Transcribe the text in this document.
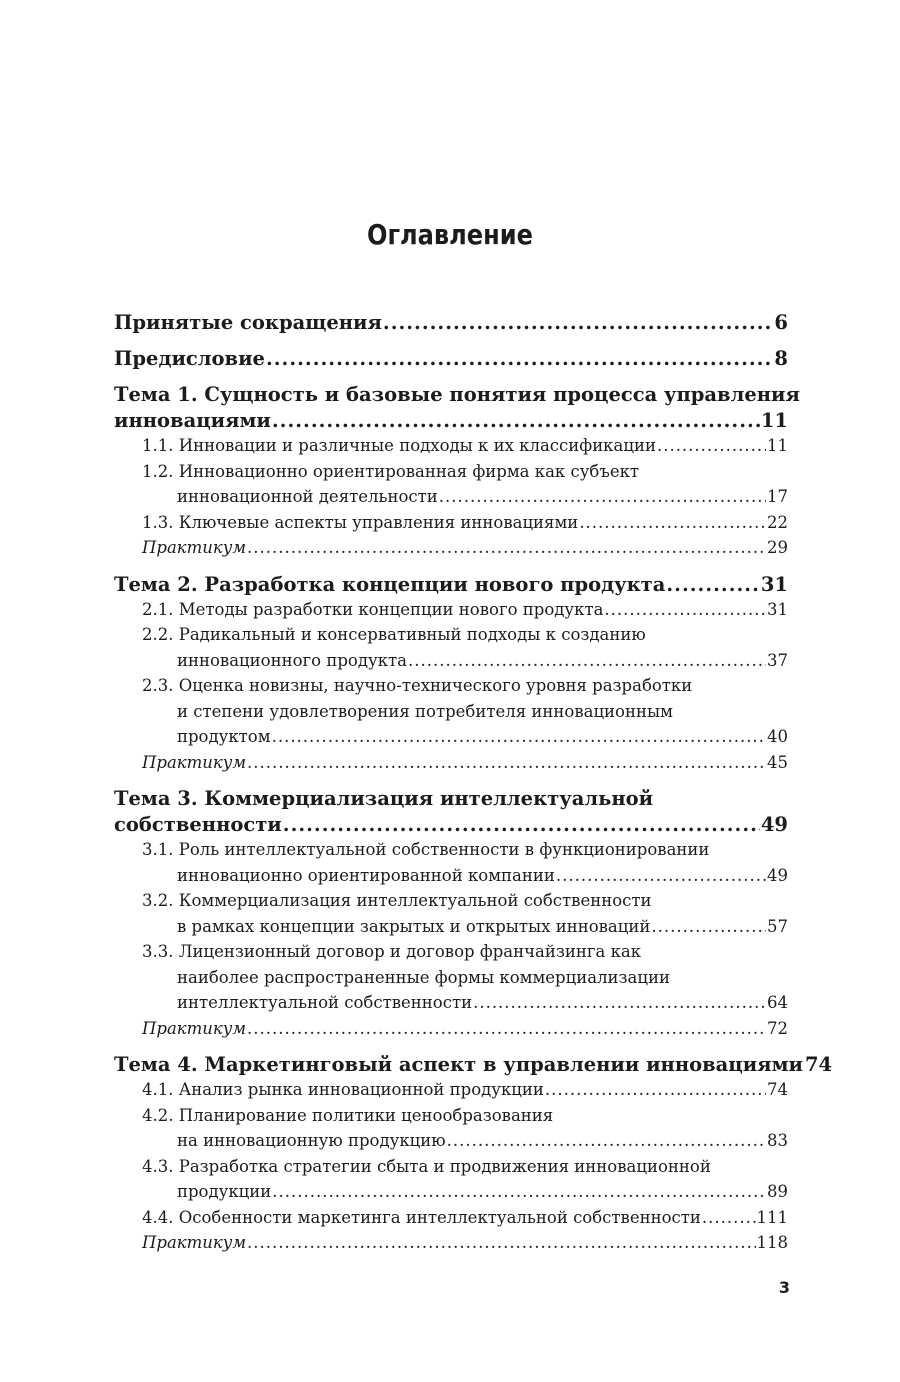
Оглавление
Принятые сокращения .....	6
Предисловие .....	8
Тема 1. Сущность и базовые понятия процесса управления
инновациями .....	11
1.1. Инновации и различные подходы к их классификации .....	11
1.2. Инновационно ориентированная фирма как субъект
инновационной деятельности .....	17
1.3. Ключевые аспекты управления инновациями .....	22
Практикум .....	29
Тема 2. Разработка концепции нового продукта .....	31
2.1. Методы разработки концепции нового продукта .....	31
2.2. Радикальный и консервативный подходы к созданию
инновационного продукта .....	37
2.3. Оценка новизны, научно-технического уровня разработки
и степени удовлетворения потребителя инновационным
продуктом .....	40
Практикум .....	45
Тема 3. Коммерциализация интеллектуальной
собственности .....	49
3.1. Роль интеллектуальной собственности в функционировании
инновационно ориентированной компании .....	49
3.2. Коммерциализация интеллектуальной собственности
в рамках концепции закрытых и открытых инноваций .....	57
3.3. Лицензионный договор и договор франчайзинга как
наиболее распространенные формы коммерциализации
интеллектуальной собственности .....	64
Практикум .....	72
Тема 4. Маркетинговый аспект в управлении инновациями 74
4.1. Анализ рынка инновационной продукции .....	74
4.2. Планирование политики ценообразования
на инновационную продукцию .....	83
4.3. Разработка стратегии сбыта и продвижения инновационной
продукции .....	89
4.4. Особенности маркетинга интеллектуальной собственности .....	111
Практикум .....	118
3
